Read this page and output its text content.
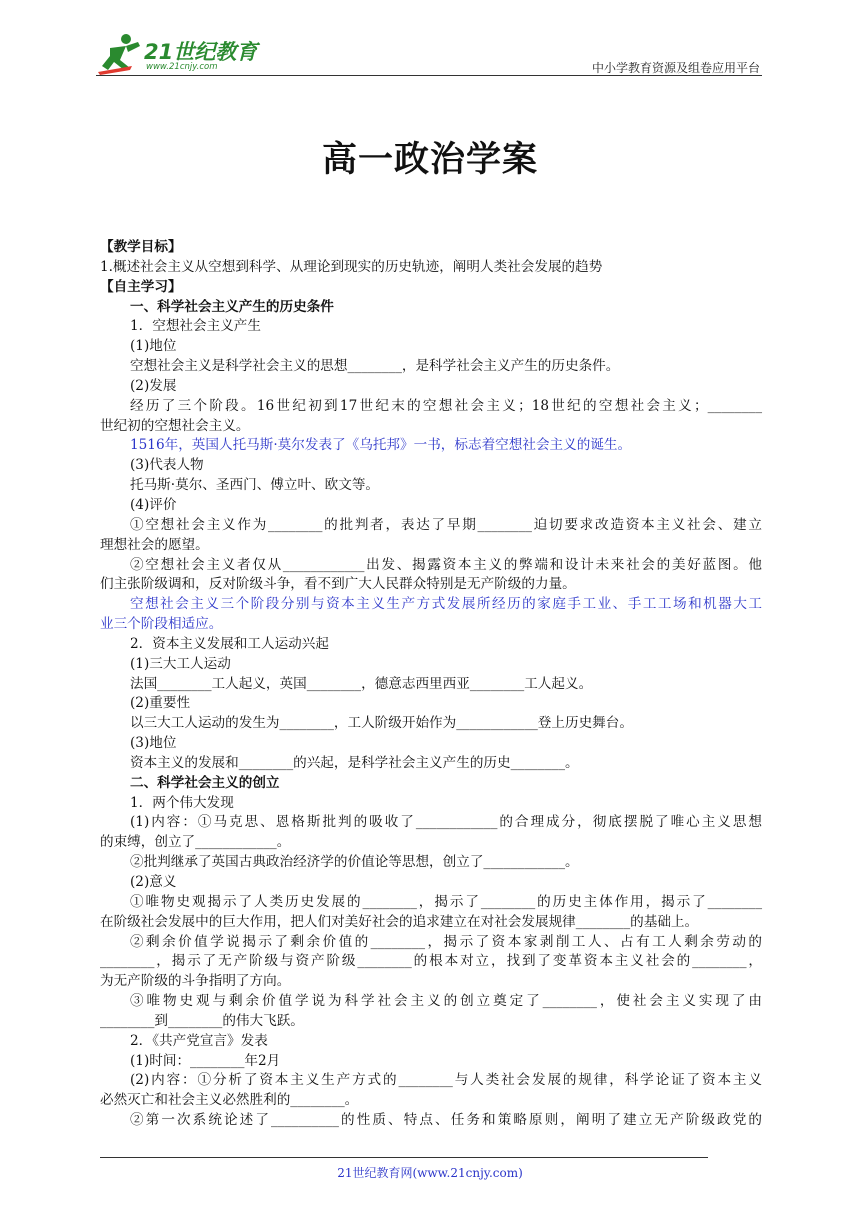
21世纪教育
www.21cnjy.com	中小学教育资源及组卷应用平台
高一政治学案
【教学目标】
1.概述社会主义从空想到科学、从理论到现实的历史轨迹，阐明人类社会发展的趋势
【自主学习】
一、科学社会主义产生的历史条件
1．空想社会主义产生
(1)地位
空想社会主义是科学社会主义的思想________，是科学社会主义产生的历史条件。
(2)发展
经历了三个阶段。16世纪初到17世纪末的空想社会主义；18世纪的空想社会主义；________
世纪初的空想社会主义。
1516年，英国人托马斯·莫尔发表了《乌托邦》一书，标志着空想社会主义的诞生。
(3)代表人物
托马斯·莫尔、圣西门、傅立叶、欧文等。
(4)评价
①空想社会主义作为________的批判者，表达了早期________迫切要求改造资本主义社会、建立
理想社会的愿望。
②空想社会主义者仅从____________出发、揭露资本主义的弊端和设计未来社会的美好蓝图。他
们主张阶级调和，反对阶级斗争，看不到广大人民群众特别是无产阶级的力量。
空想社会主义三个阶段分别与资本主义生产方式发展所经历的家庭手工业、手工工场和机器大工
业三个阶段相适应。
2．资本主义发展和工人运动兴起
(1)三大工人运动
法国________工人起义，英国________，德意志西里西亚________工人起义。
(2)重要性
以三大工人运动的发生为________，工人阶级开始作为____________登上历史舞台。
(3)地位
资本主义的发展和________的兴起，是科学社会主义产生的历史________。
二、科学社会主义的创立
1．两个伟大发现
(1)内容：①马克思、恩格斯批判的吸收了____________的合理成分，彻底摆脱了唯心主义思想
的束缚，创立了____________。
②批判继承了英国古典政治经济学的价值论等思想，创立了____________。
(2)意义
①唯物史观揭示了人类历史发展的________，揭示了________的历史主体作用，揭示了________
在阶级社会发展中的巨大作用，把人们对美好社会的追求建立在对社会发展规律________的基础上。
②剩余价值学说揭示了剩余价值的________，揭示了资本家剥削工人、占有工人剩余劳动的
________，揭示了无产阶级与资产阶级________的根本对立，找到了变革资本主义社会的________，
为无产阶级的斗争指明了方向。
③唯物史观与剩余价值学说为科学社会主义的创立奠定了________，使社会主义实现了由
________到________的伟大飞跃。
2．《共产党宣言》发表
(1)时间：________年2月
(2)内容：①分析了资本主义生产方式的________与人类社会发展的规律，科学论证了资本主义
必然灭亡和社会主义必然胜利的________。
②第一次系统论述了__________的性质、特点、任务和策略原则，阐明了建立无产阶级政党的
21世纪教育网(www.21cnjy.com)
